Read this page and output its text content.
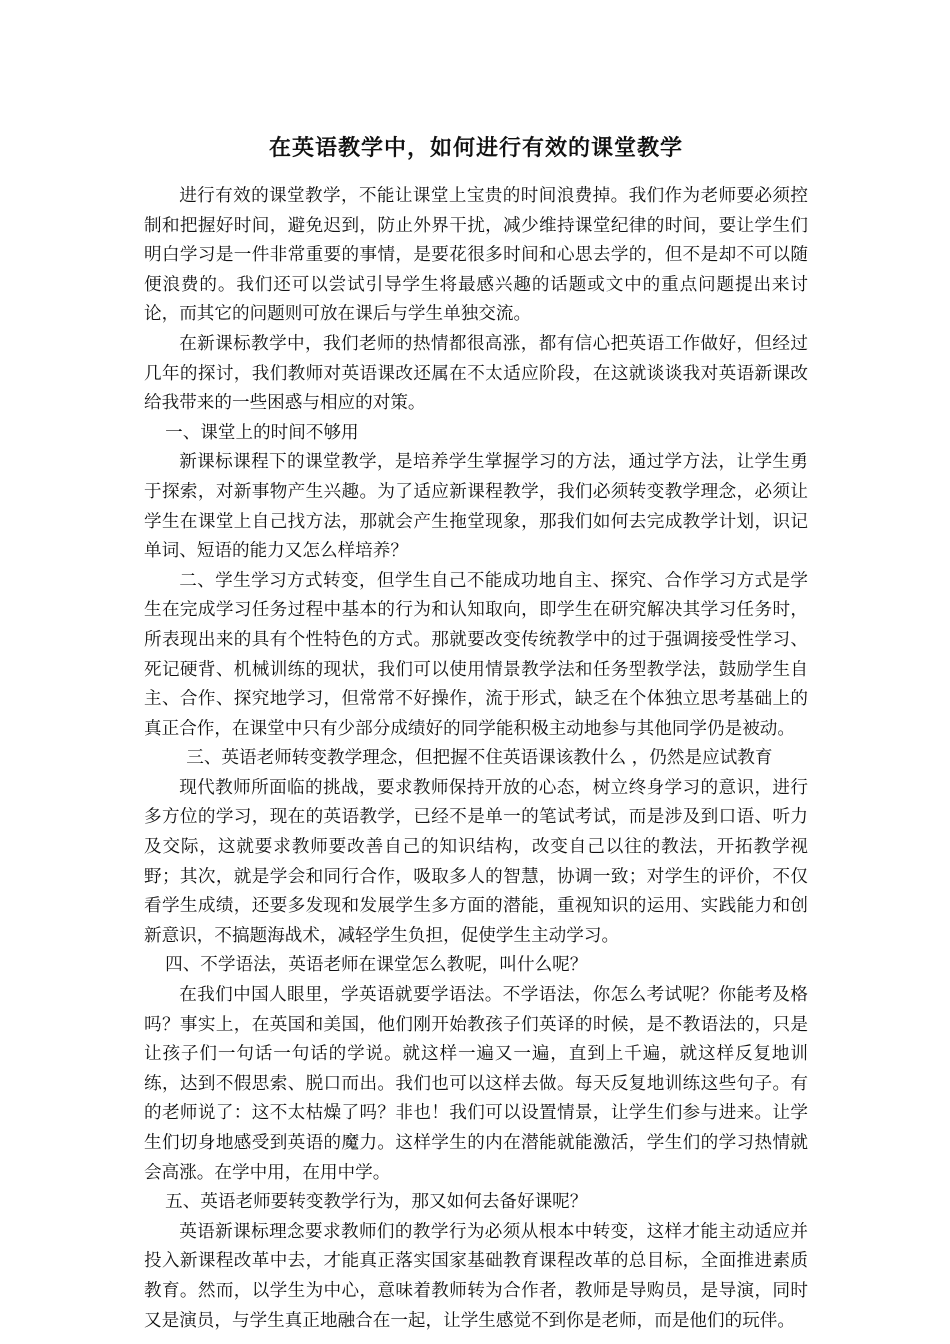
在英语教学中，如何进行有效的课堂教学

进行有效的课堂教学，不能让课堂上宝贵的时间浪费掉。我们作为老师要必须控制和把握好时间，避免迟到，防止外界干扰，减少维持课堂纪律的时间，要让学生们明白学习是一件非常重要的事情，是要花很多时间和心思去学的，但不是却不可以随便浪费的。我们还可以尝试引导学生将最感兴趣的话题或文中的重点问题提出来讨论，而其它的问题则可放在课后与学生单独交流。

在新课标教学中，我们老师的热情都很高涨，都有信心把英语工作做好，但经过几年的探讨，我们教师对英语课改还属在不太适应阶段，在这就谈谈我对英语新课改给我带来的一些困惑与相应的对策。

一、课堂上的时间不够用

新课标课程下的课堂教学，是培养学生掌握学习的方法，通过学方法，让学生勇于探索，对新事物产生兴趣。为了适应新课程教学，我们必须转变教学理念，必须让学生在课堂上自己找方法，那就会产生拖堂现象，那我们如何去完成教学计划，识记单词、短语的能力又怎么样培养？

二、学生学习方式转变，但学生自己不能成功地自主、探究、合作学习方式是学生在完成学习任务过程中基本的行为和认知取向，即学生在研究解决其学习任务时，所表现出来的具有个性特色的方式。那就要改变传统教学中的过于强调接受性学习、死记硬背、机械训练的现状，我们可以使用情景教学法和任务型教学法，鼓励学生自主、合作、探究地学习，但常常不好操作，流于形式，缺乏在个体独立思考基础上的真正合作，在课堂中只有少部分成绩好的同学能积极主动地参与其他同学仍是被动。

三、英语老师转变教学理念，但把握不住英语课该教什么 ，仍然是应试教育

现代教师所面临的挑战，要求教师保持开放的心态，树立终身学习的意识，进行多方位的学习，现在的英语教学，已经不是单一的笔试考试，而是涉及到口语、听力及交际，这就要求教师要改善自己的知识结构，改变自己以往的教法，开拓教学视野；其次，就是学会和同行合作，吸取多人的智慧，协调一致；对学生的评价，不仅看学生成绩，还要多发现和发展学生多方面的潜能，重视知识的运用、实践能力和创新意识，不搞题海战术，减轻学生负担，促使学生主动学习。

四、不学语法，英语老师在课堂怎么教呢，叫什么呢？

在我们中国人眼里，学英语就要学语法。不学语法，你怎么考试呢？你能考及格吗？事实上，在英国和美国，他们刚开始教孩子们英译的时候，是不教语法的，只是让孩子们一句话一句话的学说。就这样一遍又一遍，直到上千遍，就这样反复地训练，达到不假思索、脱口而出。我们也可以这样去做。每天反复地训练这些句子。有的老师说了：这不太枯燥了吗？非也！我们可以设置情景，让学生们参与进来。让学生们切身地感受到英语的魔力。这样学生的内在潜能就能激活，学生们的学习热情就会高涨。在学中用，在用中学。

五、英语老师要转变教学行为，那又如何去备好课呢？

英语新课标理念要求教师们的教学行为必须从根本中转变，这样才能主动适应并投入新课程改革中去，才能真正落实国家基础教育课程改革的总目标，全面推进素质教育。然而，以学生为中心，意味着教师转为合作者，教师是导购员，是导演，同时又是演员，与学生真正地融合在一起，让学生感觉不到你是老师，而是他们的玩伴。
